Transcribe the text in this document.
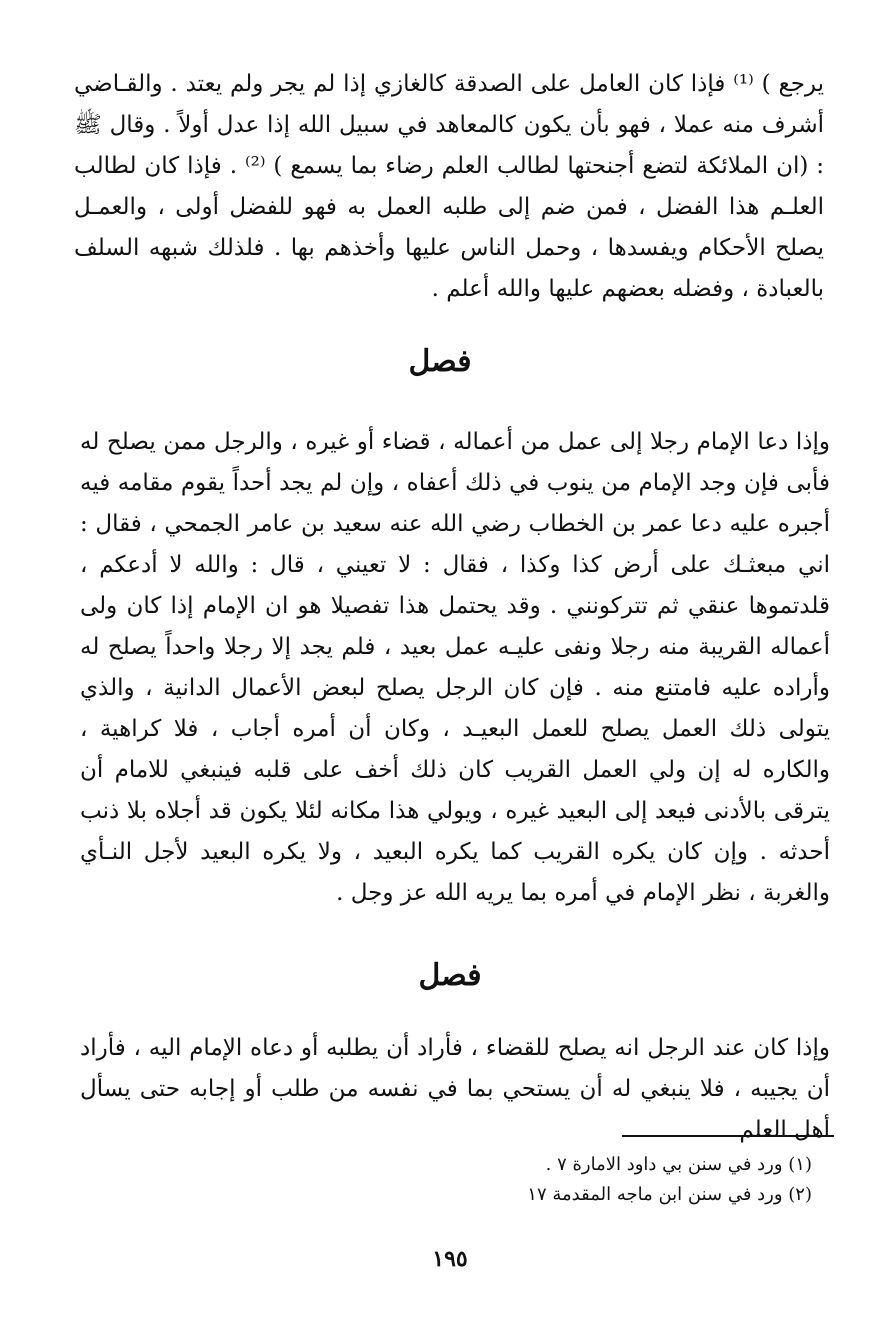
يرجع ) ⁽¹⁾ فإذا كان العامل على الصدقة كالغازي إذا لم يجر ولم يعتد . والقـاضي أشرف منه عملا ، فهو بأن يكون كالمعاهد في سبيل الله إذا عدل أولاً . وقال ﷺ : (ان الملائكة لتضع أجنحتها لطالب العلم رضاء بما يسمع ) ⁽²⁾ . فإذا كان لطالب العلـم هذا الفضل ، فمن ضم إلى طلبه العمل به فهو للفضل أولى ، والعمـل يصلح الأحكام ويفسدها ، وحمل الناس عليها وأخذهم بها . فلذلك شبهه السلف بالعبادة ، وفضله بعضهم عليها والله أعلم .

فصل

وإذا دعا الإمام رجلا إلى عمل من أعماله ، قضاء أو غيره ، والرجل ممن يصلح له فأبى فإن وجد الإمام من ينوب في ذلك أعفاه ، وإن لم يجد أحداً يقوم مقامه فيه أجبره عليه دعا عمر بن الخطاب رضي الله عنه سعيد بن عامر الجمحي ، فقال : اني مبعثـك على أرض كذا وكذا ، فقال : لا تعيني ، قال : والله لا أدعكم ، قلدتموها عنقي ثم تتركونني . وقد يحتمل هذا تفصيلا هو ان الإمام إذا كان ولى أعماله القريبة منه رجلا ونفى عليـه عمل بعيد ، فلم يجد إلا رجلا واحداً يصلح له وأراده عليه فامتنع منه . فإن كان الرجل يصلح لبعض الأعمال الدانية ، والذي يتولى ذلك العمل يصلح للعمل البعيـد ، وكان أن أمره أجاب ، فلا كراهية ، والكاره له إن ولي العمل القريب كان ذلك أخف على قلبه فينبغي للامام أن يترقى بالأدنى فيعد إلى البعيد غيره ، ويولي هذا مكانه لئلا يكون قد أجلاه بلا ذنب أحدثه . وإن كان يكره القريب كما يكره البعيد ، ولا يكره البعيد لأجل النـأي والغربة ، نظر الإمام في أمره بما يريه الله عز وجل .

فصل

وإذا كان عند الرجل انه يصلح للقضاء ، فأراد أن يطلبه أو دعاه الإمام اليه ، فأراد أن يجيبه ، فلا ينبغي له أن يستحي بما في نفسه من طلب أو إجابه حتى يسأل أهل العلم

(١) ورد في سنن بي داود الامارة ٧ .
(٢) ورد في سنن ابن ماجه المقدمة ١٧
١٩٥
